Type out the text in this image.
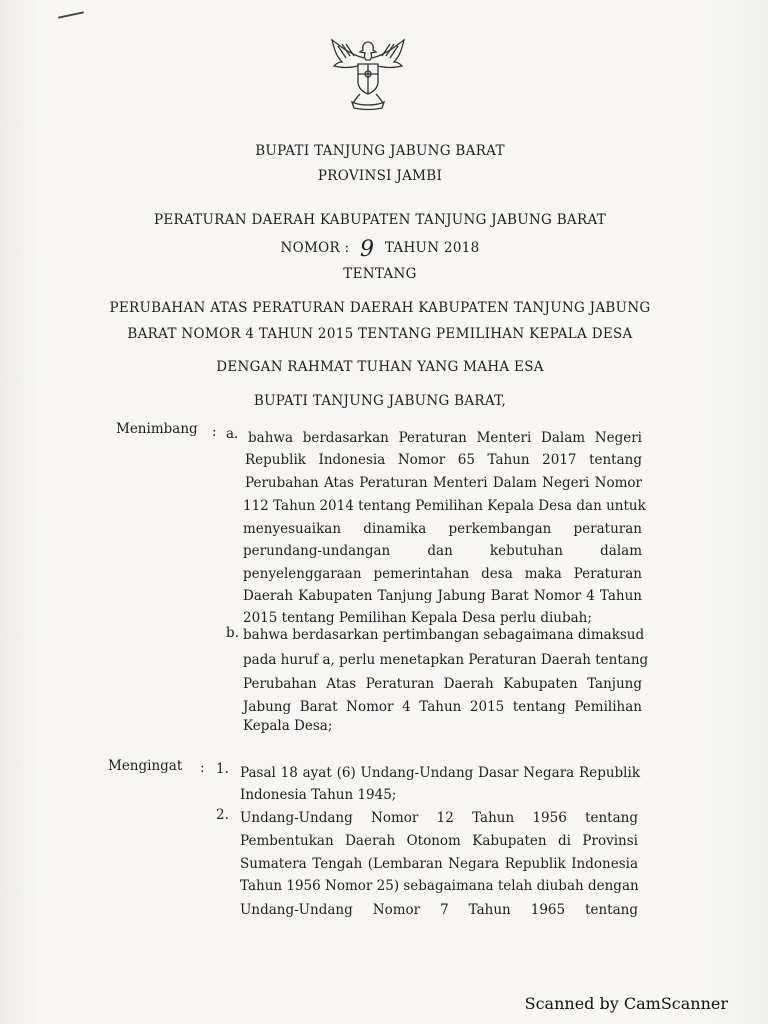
BUPATI TANJUNG JABUNG BARAT
PROVINSI JAMBI
PERATURAN DAERAH KABUPATEN TANJUNG JABUNG BARAT
NOMOR : 9 TAHUN 2018
TENTANG
PERUBAHAN ATAS PERATURAN DAERAH KABUPATEN TANJUNG JABUNG
BARAT NOMOR 4 TAHUN 2015 TENTANG PEMILIHAN KEPALA DESA
DENGAN RAHMAT TUHAN YANG MAHA ESA
BUPATI TANJUNG JABUNG BARAT,
Menimbang : a. bahwa berdasarkan Peraturan Menteri Dalam Negeri
Republik Indonesia Nomor 65 Tahun 2017 tentang
Perubahan Atas Peraturan Menteri Dalam Negeri Nomor
112 Tahun 2014 tentang Pemilihan Kepala Desa dan untuk
menyesuaikan dinamika perkembangan peraturan
perundang-undangan dan kebutuhan dalam
penyelenggaraan pemerintahan desa maka Peraturan
Daerah Kabupaten Tanjung Jabung Barat Nomor 4 Tahun
2015 tentang Pemilihan Kepala Desa perlu diubah;
b. bahwa berdasarkan pertimbangan sebagaimana dimaksud
pada huruf a, perlu menetapkan Peraturan Daerah tentang
Perubahan Atas Peraturan Daerah Kabupaten Tanjung
Jabung Barat Nomor 4 Tahun 2015 tentang Pemilihan
Kepala Desa;
Mengingat : 1. Pasal 18 ayat (6) Undang-Undang Dasar Negara Republik
Indonesia Tahun 1945;
2. Undang-Undang Nomor 12 Tahun 1956 tentang
Pembentukan Daerah Otonom Kabupaten di Provinsi
Sumatera Tengah (Lembaran Negara Republik Indonesia
Tahun 1956 Nomor 25) sebagaimana telah diubah dengan
Undang-Undang Nomor 7 Tahun 1965 tentang
Scanned by CamScanner
